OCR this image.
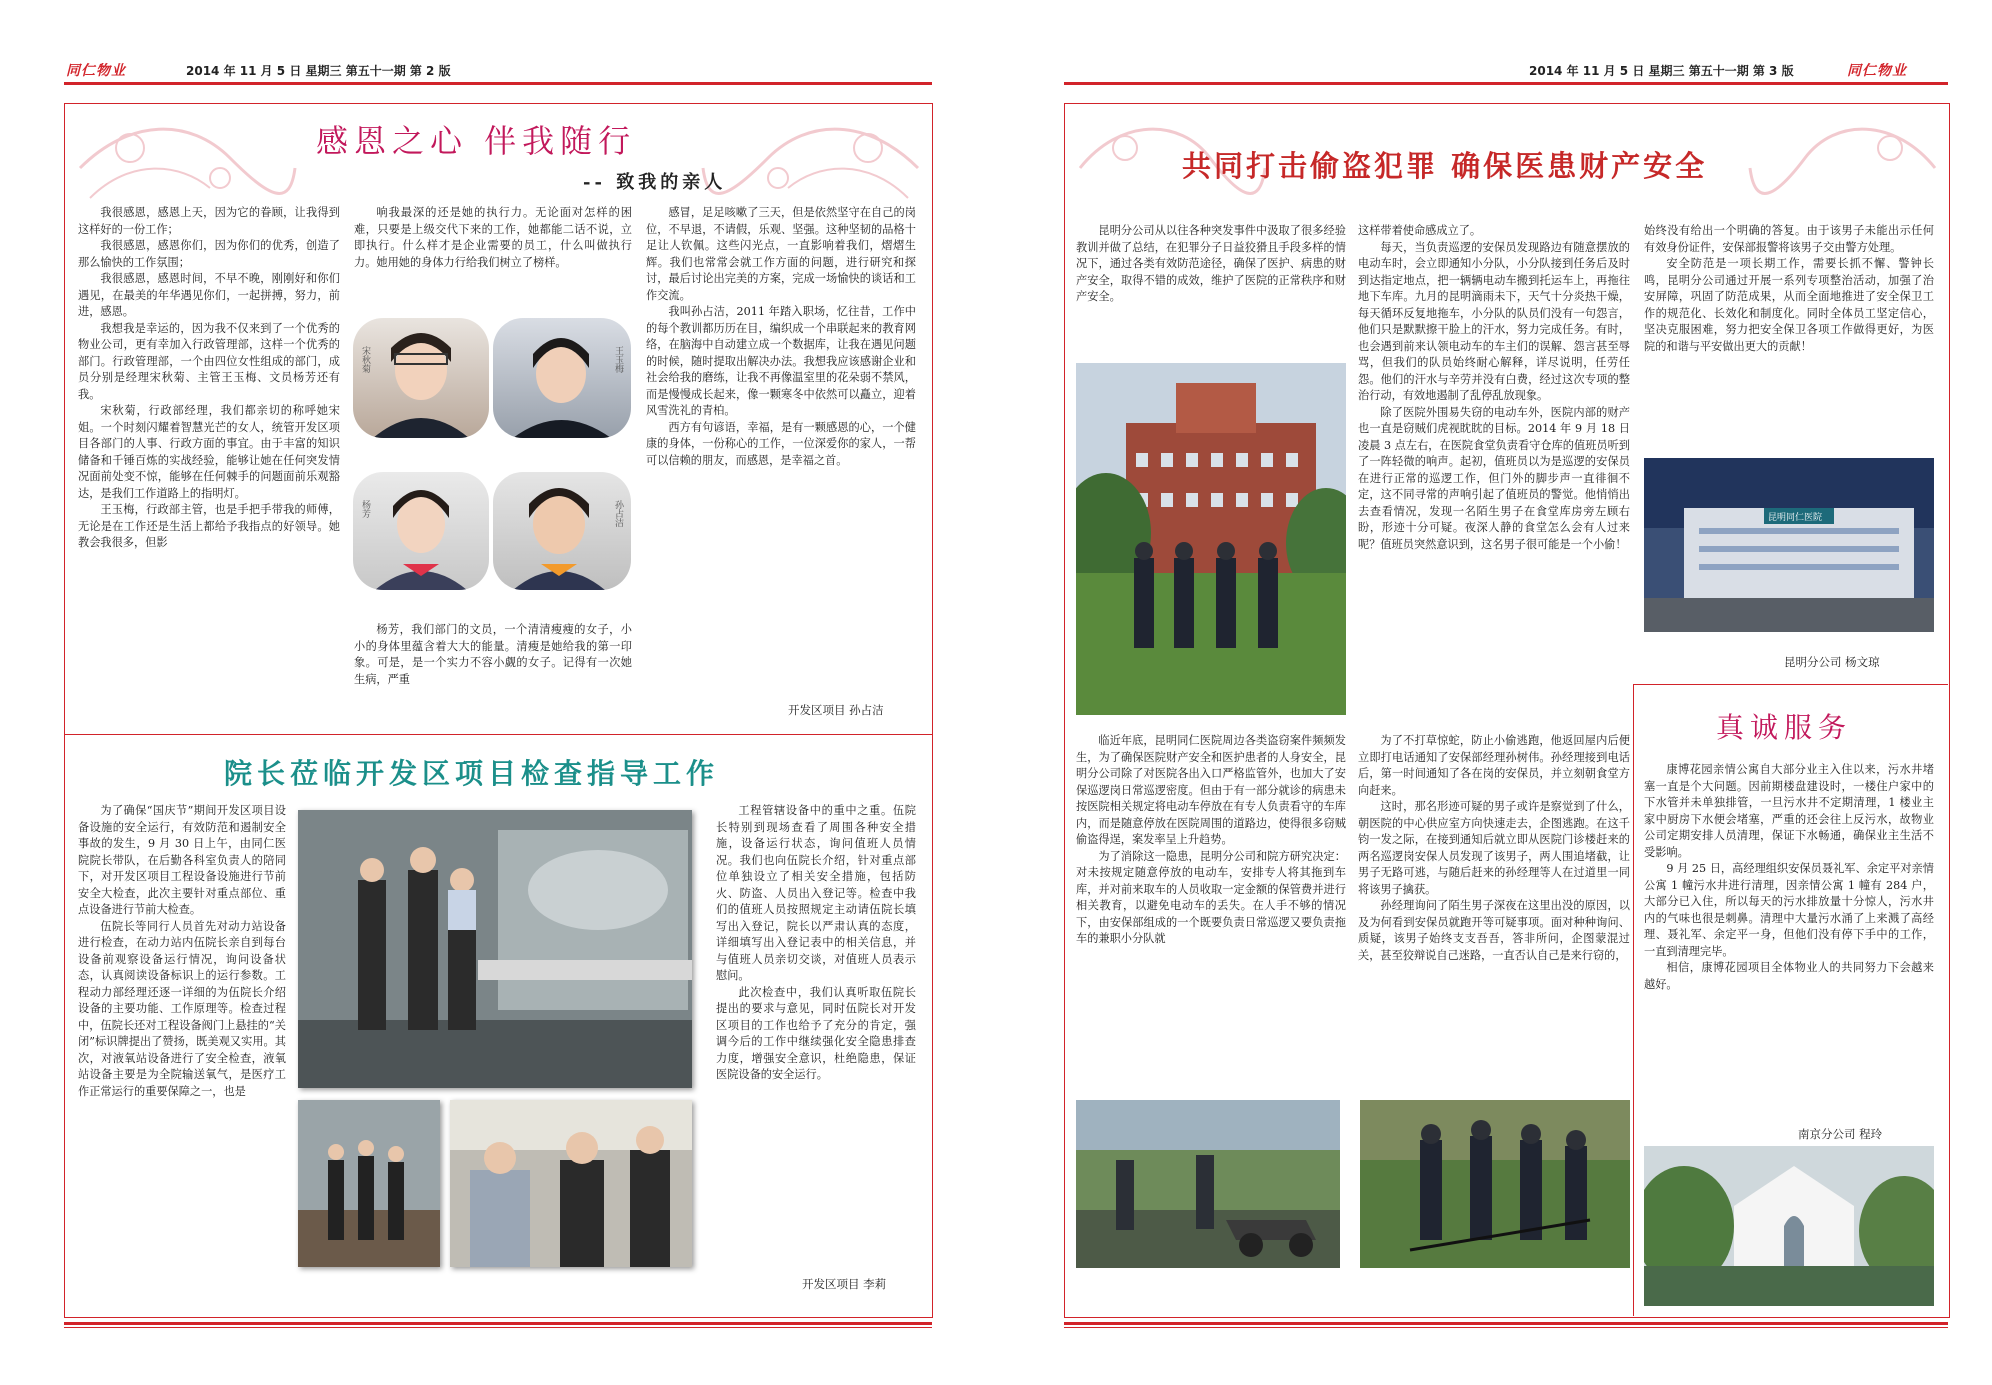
同仁物业	2014 年 11 月 5 日 星期三 第五十一期 第 2 版
感恩之心 伴我随行
-- 致我的亲人

我很感恩，感恩上天，因为它的眷顾，让我得到这样好的一份工作；

我很感恩，感恩你们，因为你们的优秀，创造了那么愉快的工作氛围；

我很感恩，感恩时间，不早不晚，刚刚好和你们遇见，在最美的年华遇见你们，一起拼搏，努力，前进，感恩。

我想我是幸运的，因为我不仅来到了一个优秀的物业公司，更有幸加入行政管理部，这样一个优秀的部门。行政管理部，一个由四位女性组成的部门，成员分别是经理宋秋菊、主管王玉梅、文员杨芳还有我。

宋秋菊，行政部经理，我们都亲切的称呼她宋姐。一个时刻闪耀着智慧光芒的女人，统管开发区项目各部门的人事、行政方面的事宜。由于丰富的知识储备和千锤百炼的实战经验，能够让她在任何突发情况面前处变不惊，能够在任何棘手的问题面前乐观豁达，是我们工作道路上的指明灯。

王玉梅，行政部主管，也是手把手带我的师傅，无论是在工作还是生活上都给予我指点的好领导。她教会我很多，但影

响我最深的还是她的执行力。无论面对怎样的困难，只要是上级交代下来的工作，她都能二话不说，立即执行。什么样才是企业需要的员工，什么叫做执行力。她用她的身体力行给我们树立了榜样。

宋秋菊	王玉梅
杨芳	孙占洁

杨芳，我们部门的文员，一个清清瘦瘦的女子，小小的身体里蕴含着大大的能量。清瘦是她给我的第一印象。可是，是一个实力不容小觑的女子。记得有一次她生病，严重

感冒，足足咳嗽了三天，但是依然坚守在自己的岗位，不早退，不请假，乐观、坚强。这种坚韧的品格十足让人钦佩。这些闪光点，一直影响着我们，熠熠生辉。我们也常常会就工作方面的问题，进行研究和探讨，最后讨论出完美的方案，完成一场愉快的谈话和工作交流。

我叫孙占洁，2011 年踏入职场，忆往昔，工作中的每个教训都历历在目，编织成一个串联起来的教育网络，在脑海中自动建立成一个数据库，让我在遇见问题的时候，随时提取出解决办法。我想我应该感谢企业和社会给我的磨练，让我不再像温室里的花朵弱不禁风，而是慢慢成长起来，像一颗寒冬中依然可以矗立，迎着风雪洗礼的青柏。

西方有句谚语，幸福，是有一颗感恩的心，一个健康的身体，一份称心的工作，一位深爱你的家人，一帮可以信赖的朋友，而感恩，是幸福之首。

开发区项目 孙占洁
院长莅临开发区项目检查指导工作

为了确保“国庆节”期间开发区项目设备设施的安全运行，有效防范和遏制安全事故的发生，9 月 30 日上午，由同仁医院院长带队，在后勤各科室负责人的陪同下，对开发区项目工程设备设施进行节前安全大检查，此次主要针对重点部位、重点设备进行节前大检查。

伍院长等同行人员首先对动力站设备进行检查，在动力站内伍院长亲自到每台设备前观察设备运行情况，询问设备状态，认真阅读设备标识上的运行参数。工程动力部经理还逐一详细的为伍院长介绍设备的主要功能、工作原理等。检查过程中，伍院长还对工程设备阀门上悬挂的“关闭”标识牌提出了赞扬，既美观又实用。其次，对液氧站设备进行了安全检查，液氧站设备主要是为全院输送氧气，是医疗工作正常运行的重要保障之一，也是

工程管辖设备中的重中之重。伍院长特别到现场查看了周围各种安全措施，设备运行状态，询问值班人员情况。我们也向伍院长介绍，针对重点部位单独设立了相关安全措施，包括防火、防盗、人员出入登记等。检查中我们的值班人员按照规定主动请伍院长填写出入登记，院长以严肃认真的态度，详细填写出入登记表中的相关信息，并与值班人员亲切交谈，对值班人员表示慰问。

此次检查中，我们认真听取伍院长提出的要求与意见，同时伍院长对开发区项目的工作也给予了充分的肯定，强调今后的工作中继续强化安全隐患排查力度，增强安全意识，杜绝隐患，保证医院设备的安全运行。

开发区项目 李莉
2014 年 11 月 5 日 星期三 第五十一期 第 3 版	同仁物业
共同打击偷盗犯罪 确保医患财产安全

昆明分公司从以往各种突发事件中汲取了很多经验教训并做了总结，在犯罪分子日益狡猾且手段多样的情况下，通过各类有效防范途径，确保了医护、病患的财产安全，取得不错的成效，维护了医院的正常秩序和财产安全。

临近年底，昆明同仁医院周边各类盗窃案件频频发生，为了确保医院财产安全和医护患者的人身安全，昆明分公司除了对医院各出入口严格监管外，也加大了安保巡逻岗日常巡逻密度。但由于有一部分就诊的病患未按医院相关规定将电动车停放在有专人负责看守的车库内，而是随意停放在医院周围的道路边，使得很多窃贼偷盗得逞，案发率呈上升趋势。

为了消除这一隐患，昆明分公司和院方研究决定：对未按规定随意停放的电动车，安排专人将其拖到车库，并对前来取车的人员收取一定金额的保管费并进行相关教育，以避免电动车的丢失。在人手不够的情况下，由安保部组成的一个既要负责日常巡逻又要负责拖车的兼职小分队就

这样带着使命感成立了。

每天，当负责巡逻的安保员发现路边有随意摆放的电动车时，会立即通知小分队，小分队接到任务后及时到达指定地点，把一辆辆电动车搬到托运车上，再拖往地下车库。九月的昆明滴雨未下，天气十分炎热干燥，每天循环反复地拖车，小分队的队员们没有一句怨言，他们只是默默擦干脸上的汗水，努力完成任务。有时，也会遇到前来认领电动车的车主们的误解、怨言甚至辱骂，但我们的队员始终耐心解释，详尽说明，任劳任怨。他们的汗水与辛劳并没有白费，经过这次专项的整治行动，有效地遏制了乱停乱放现象。

除了医院外围易失窃的电动车外，医院内部的财产也一直是窃贼们虎视眈眈的目标。2014 年 9 月 18 日凌晨 3 点左右，在医院食堂负责看守仓库的值班员听到了一阵轻微的响声。起初，值班员以为是巡逻的安保员在进行正常的巡逻工作，但门外的脚步声一直徘徊不定，这不同寻常的声响引起了值班员的警觉。他悄悄出去查看情况，发现一名陌生男子在食堂库房旁左顾右盼，形迹十分可疑。夜深人静的食堂怎么会有人过来呢？值班员突然意识到，这名男子很可能是一个小偷！

为了不打草惊蛇，防止小偷逃跑，他返回屋内后便立即打电话通知了安保部经理孙树伟。孙经理接到电话后，第一时间通知了各在岗的安保员，并立刻朝食堂方向赶来。

这时，那名形迹可疑的男子或许是察觉到了什么，朝医院的中心供应室方向快速走去，企图逃跑。在这千钧一发之际，在接到通知后就立即从医院门诊楼赶来的两名巡逻岗安保人员发现了该男子，两人围追堵截，让男子无路可逃，与随后赶来的孙经理等人在过道里一同将该男子擒获。

孙经理询问了陌生男子深夜在这里出没的原因，以及为何看到安保员就跑开等可疑事项。面对种种询问、质疑，该男子始终支支吾吾，答非所问，企图蒙混过关，甚至狡辩说自己迷路，一直否认自己是来行窃的，

始终没有给出一个明确的答复。由于该男子未能出示任何有效身份证件，安保部报警将该男子交由警方处理。

安全防范是一项长期工作，需要长抓不懈、警钟长鸣，昆明分公司通过开展一系列专项整治活动，加强了治安屏障，巩固了防范成果，从而全面地推进了安全保卫工作的规范化、长效化和制度化。同时全体员工坚定信心，坚决克服困难，努力把安全保卫各项工作做得更好，为医院的和谐与平安做出更大的贡献！

昆明同仁医院
昆明分公司 杨文琼
真诚服务

康博花园亲情公寓自大部分业主入住以来，污水井堵塞一直是个大问题。因前期楼盘建设时，一楼住户家中的下水管并未单独排管，一旦污水井不定期清理，1 楼业主家中厨房下水便会堵塞，严重的还会往上反污水，故物业公司定期安排人员清理，保证下水畅通，确保业主生活不受影响。

9 月 25 日，高经理组织安保员聂礼军、余定平对亲情公寓 1 幢污水井进行清理，因亲情公寓 1 幢有 284 户，大部分已入住，所以每天的污水排放量十分惊人，污水井内的气味也很是刺鼻。清理中大量污水涌了上来溅了高经理、聂礼军、余定平一身，但他们没有停下手中的工作，一直到清理完毕。

相信，康博花园项目全体物业人的共同努力下会越来越好。

南京分公司 程玲
